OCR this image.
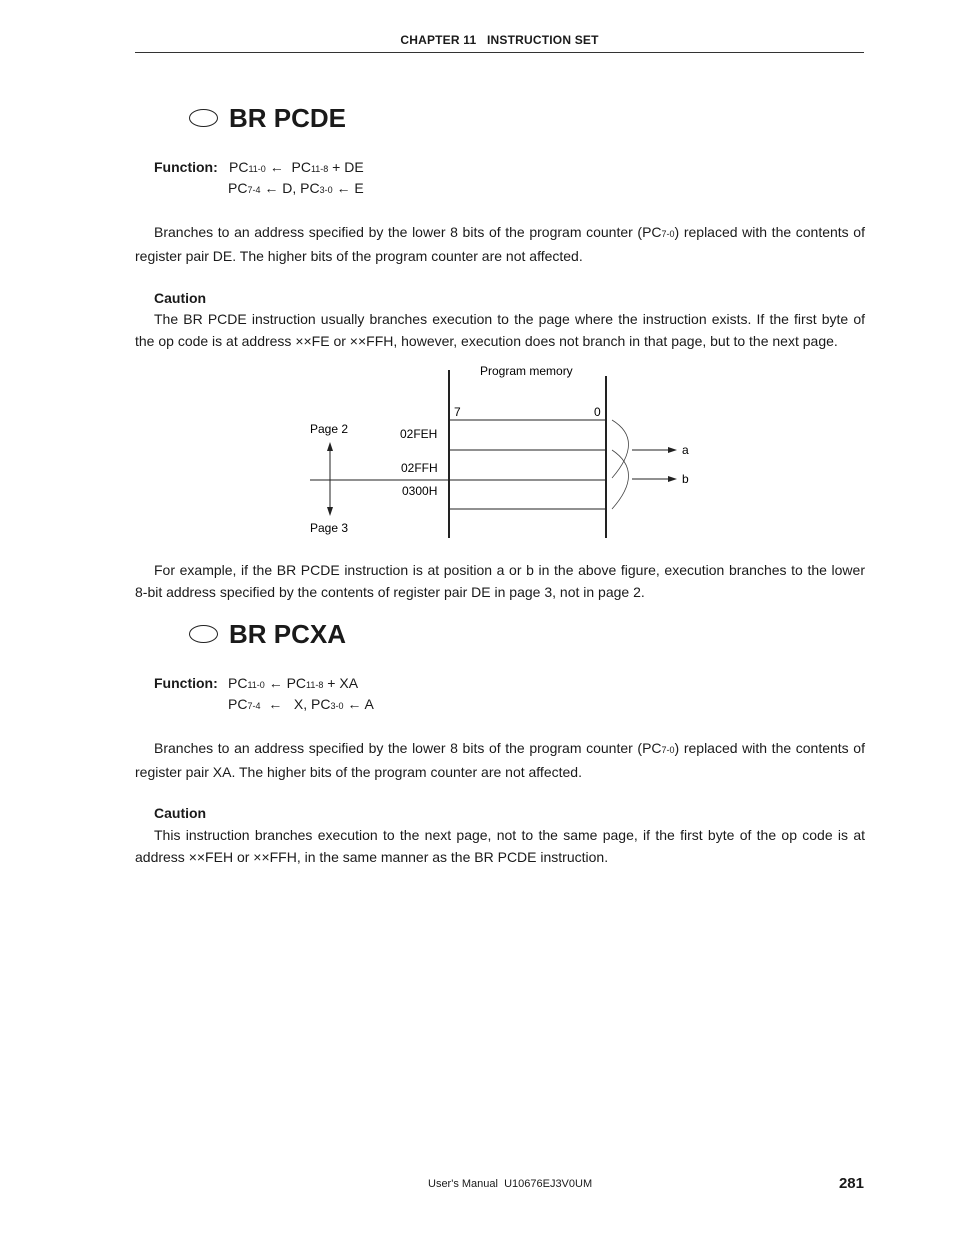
CHAPTER 11 INSTRUCTION SET
BR PCDE
Function: PC11-0 ←  PC11-8 + DE
PC7-4 ← D, PC3-0 ← E
Branches to an address specified by the lower 8 bits of the program counter (PC7-0) replaced with the contents of register pair DE. The higher bits of the program counter are not affected.
Caution
The BR PCDE instruction usually branches execution to the page where the instruction exists. If the first byte of the op code is at address ××FE or ××FFH, however, execution does not branch in that page, but to the next page.
Program memory
7	0
02FEH
02FFH
0300H
Page 2
Page 3
a
b
For example, if the BR PCDE instruction is at position a or b in the above figure, execution branches to the lower 8-bit address specified by the contents of register pair DE in page 3, not in page 2.
BR PCXA
Function: PC11-0 ← PC11-8 + XA
PC7-4  ←   X, PC3-0 ← A
Branches to an address specified by the lower 8 bits of the program counter (PC7-0) replaced with the contents of register pair XA. The higher bits of the program counter are not affected.
Caution
This instruction branches execution to the next page, not to the same page, if the first byte of the op code is at address ××FEH or ××FFH, in the same manner as the BR PCDE instruction.
User's Manual  U10676EJ3V0UM	281
